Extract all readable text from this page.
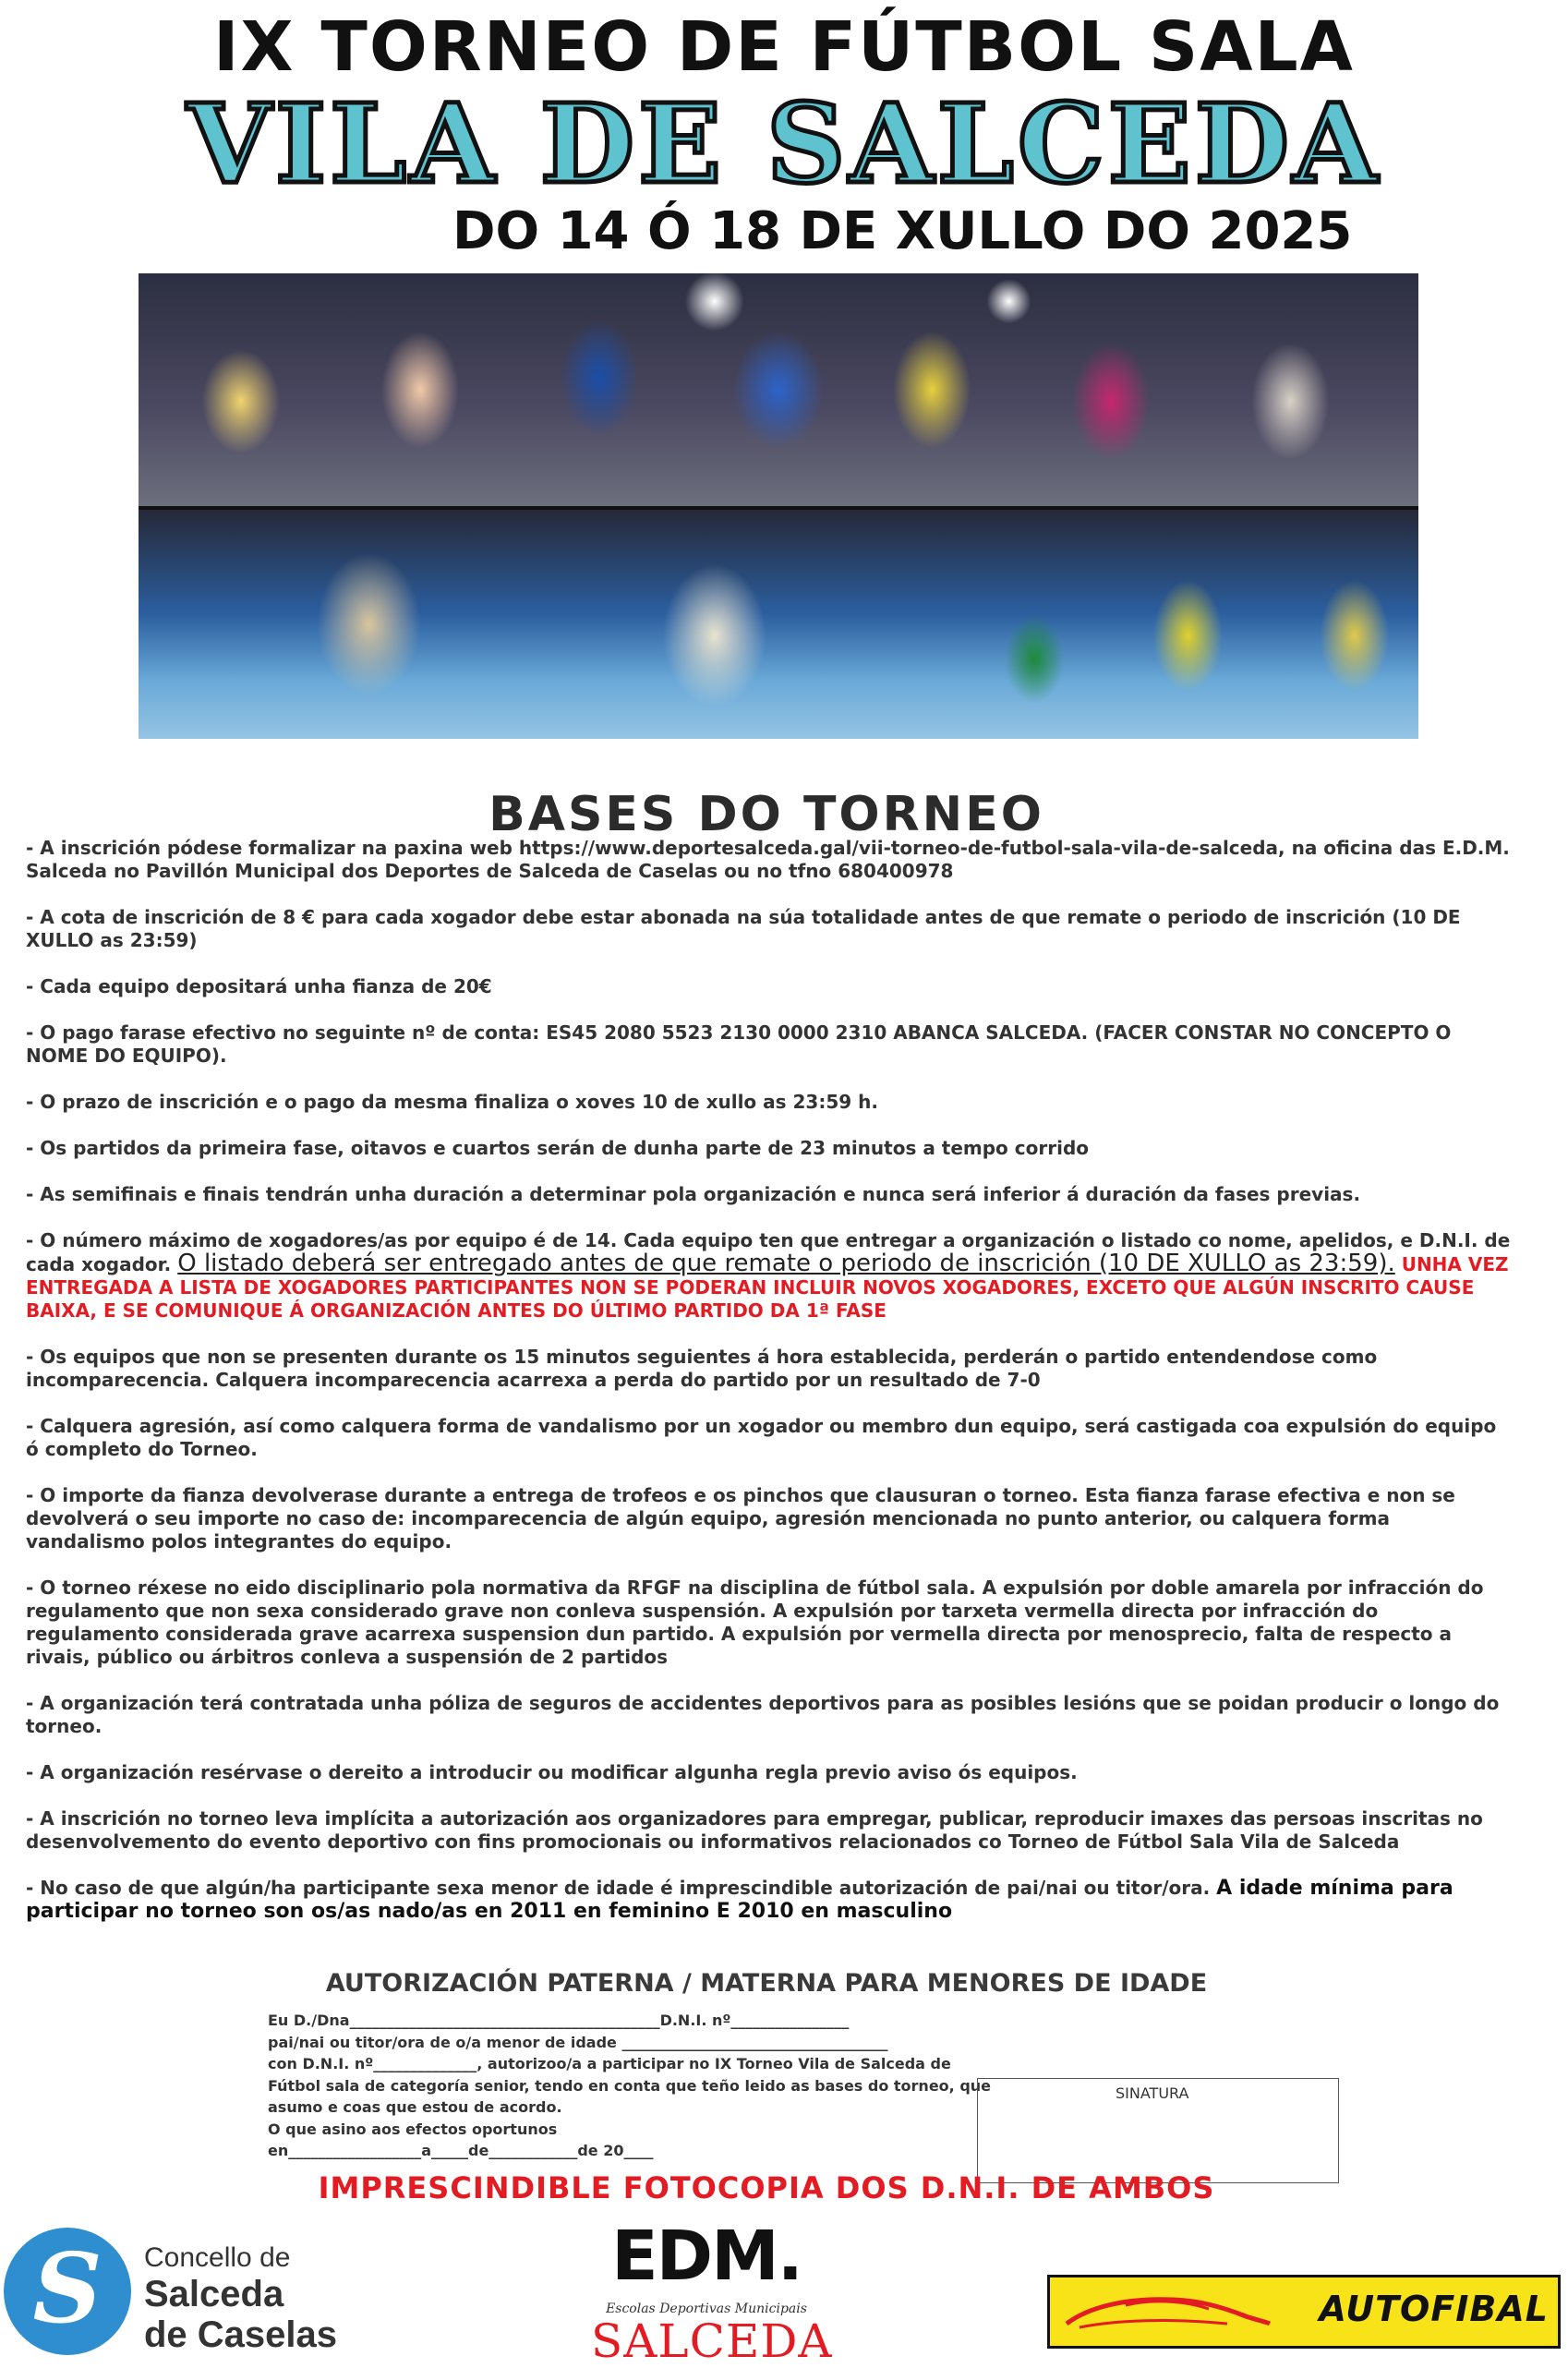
IX TORNEO DE FÚTBOL SALA
VILA DE SALCEDA
DO 14 Ó 18 DE XULLO DO 2025
BASES DO TORNEO

- A inscrición pódese formalizar na paxina web https://www.deportesalceda.gal/vii-torneo-de-futbol-sala-vila-de-salceda, na oficina das E.D.M. Salceda no Pavillón Municipal dos Deportes de Salceda de Caselas ou no tfno 680400978

- A cota de inscrición de 8 € para cada xogador debe estar abonada na súa totalidade antes de que remate o periodo de inscrición (10 DE XULLO as 23:59)

- Cada equipo depositará unha fianza de 20€

- O pago farase efectivo no seguinte nº de conta: ES45 2080 5523 2130 0000 2310 ABANCA SALCEDA. (FACER CONSTAR NO CONCEPTO O NOME DO EQUIPO).

- O prazo de inscrición e o pago da mesma finaliza o xoves 10 de xullo as 23:59 h.

- Os partidos da primeira fase, oitavos e cuartos serán de dunha parte de 23 minutos a tempo corrido

- As semifinais e finais tendrán unha duración a determinar pola organización e nunca será inferior á duración da fases previas.

- O número máximo de xogadores/as por equipo é de 14. Cada equipo ten que entregar a organización o listado co nome, apelidos, e D.N.I. de cada xogador. O listado deberá ser entregado antes de que remate o periodo de inscrición (10 DE XULLO as 23:59). UNHA VEZ ENTREGADA A LISTA DE XOGADORES PARTICIPANTES NON SE PODERAN INCLUIR NOVOS XOGADORES, EXCETO QUE ALGÚN INSCRITO CAUSE BAIXA, E SE COMUNIQUE Á ORGANIZACIÓN ANTES DO ÚLTIMO PARTIDO DA 1ª FASE

- Os equipos que non se presenten durante os 15 minutos seguientes á hora establecida, perderán o partido entendendose como incomparecencia. Calquera incomparecencia acarrexa a perda do partido por un resultado de 7-0

- Calquera agresión, así como calquera forma de vandalismo por un xogador ou membro dun equipo, será castigada coa expulsión do equipo ó completo do Torneo.

- O importe da fianza devolverase durante a entrega de trofeos e os pinchos que clausuran o torneo. Esta fianza farase efectiva e non se devolverá o seu importe no caso de: incomparecencia de algún equipo, agresión mencionada no punto anterior, ou calquera forma vandalismo polos integrantes do equipo.

- O torneo réxese no eido disciplinario pola normativa da RFGF na disciplina de fútbol sala. A expulsión por doble amarela por infracción do regulamento que non sexa considerado grave non conleva suspensión. A expulsión por tarxeta vermella directa por infracción do regulamento considerada grave acarrexa suspension dun partido. A expulsión por vermella directa por menosprecio, falta de respecto a rivais, público ou árbitros conleva a suspensión de 2 partidos

- A organización terá contratada unha póliza de seguros de accidentes deportivos para as posibles lesións que se poidan producir o longo do torneo.

- A organización resérvase o dereito a introducir ou modificar algunha regla previo aviso ós equipos.

- A inscrición no torneo leva implícita a autorización aos organizadores para empregar, publicar, reproducir imaxes das persoas inscritas no desenvolvemento do evento deportivo con fins promocionais ou informativos relacionados co Torneo de Fútbol Sala Vila de Salceda

- No caso de que algún/ha participante sexa menor de idade é imprescindible autorización de pai/nai ou titor/ora. A idade mínima para participar no torneo son os/as nado/as en 2011 en feminino E 2010 en masculino

AUTORIZACIÓN PATERNA / MATERNA PARA MENORES DE IDADE
Eu D./Dna__________________________________________D.N.I. nº________________
pai/nai ou titor/ora de o/a menor de idade ____________________________________
con D.N.I. nº______________, autorizoo/a a participar no IX Torneo Vila de Salceda de
Fútbol sala de categoría senior, tendo en conta que teño leido as bases do torneo, que
asumo e coas que estou de acordo.
O que asino aos efectos oportunos
en__________________a_____de____________de 20____
SINATURA
IMPRESCINDIBLE FOTOCOPIA DOS D.N.I. DE AMBOS
S	Concello de
Salceda
de Caselas
EDM.
Escolas Deportivas Municipais
SALCEDA
AUTOFIBAL
